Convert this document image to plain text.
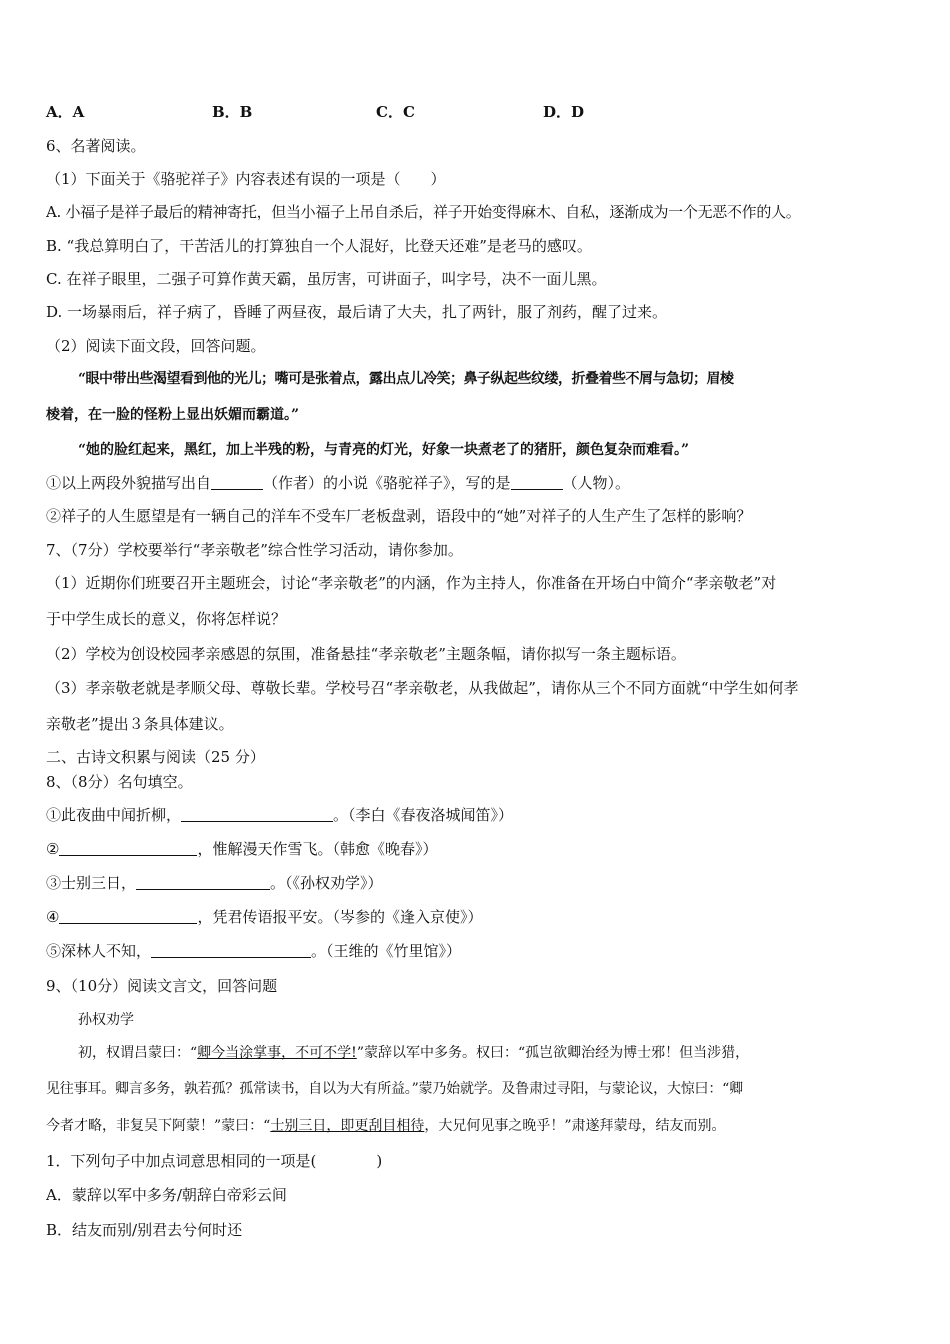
A．A	B．B	C．C	D．D
6、名著阅读。
（1）下面关于《骆驼祥子》内容表述有误的一项是（　　）
A. 小福子是祥子最后的精神寄托，但当小福子上吊自杀后，祥子开始变得麻木、自私，逐渐成为一个无恶不作的人。
B. “我总算明白了，干苦活儿的打算独自一个人混好，比登天还难”是老马的感叹。
C. 在祥子眼里，二强子可算作黄天霸，虽厉害，可讲面子，叫字号，决不一面儿黑。
D. 一场暴雨后，祥子病了，昏睡了两昼夜，最后请了大夫，扎了两针，服了剂药，醒了过来。
（2）阅读下面文段，回答问题。
“眼中带出些渴望看到他的光儿；嘴可是张着点，露出点儿冷笑；鼻子纵起些纹缕，折叠着些不屑与急切；眉棱
棱着，在一脸的怪粉上显出妖媚而霸道。”
“她的脸红起来，黑红，加上半残的粉，与青亮的灯光，好象一块煮老了的猪肝，颜色复杂而难看。”
①以上两段外貌描写出自	（作者）的小说《骆驼祥子》，写的是	（人物）。
②祥子的人生愿望是有一辆自己的洋车不受车厂老板盘剥，语段中的“她”对祥子的人生产生了怎样的影响？
7、（7分）学校要举行“孝亲敬老”综合性学习活动，请你参加。
（1）近期你们班要召开主题班会，讨论“孝亲敬老”的内涵，作为主持人，你准备在开场白中简介“孝亲敬老”对
于中学生成长的意义，你将怎样说？
（2）学校为创设校园孝亲感恩的氛围，准备悬挂“孝亲敬老”主题条幅，请你拟写一条主题标语。
（3）孝亲敬老就是孝顺父母、尊敬长辈。学校号召“孝亲敬老，从我做起”，请你从三个不同方面就“中学生如何孝
亲敬老”提出３条具体建议。
二、古诗文积累与阅读（25 分）
8、（8分）名句填空。
①此夜曲中闻折柳，	。（李白《春夜洛城闻笛》）
②	，惟解漫天作雪飞。（韩愈《晚春》）
③士别三日，	。（《孙权劝学》）
④	，凭君传语报平安。（岑参的《逢入京使》）
⑤深林人不知，	。（王维的《竹里馆》）
9、（10分）阅读文言文，回答问题
孙权劝学
初，权谓吕蒙曰：“卿今当涂掌事，不可不学!”蒙辞以军中多务。权曰：“孤岂欲卿治经为博士邪！但当涉猎，
见往事耳。卿言多务，孰若孤？孤常读书，自以为大有所益。”蒙乃始就学。及鲁肃过寻阳，与蒙论议，大惊曰：“卿
今者才略，非复吴下阿蒙！”蒙曰：“士别三日，即更刮目相待，大兄何见事之晚乎！”肃遂拜蒙母，结友而别。
1．下列句子中加点词意思相同的一项是(　　　　)
A．蒙辞以军中多务/朝辞白帝彩云间
B．结友而别/别君去兮何时还
